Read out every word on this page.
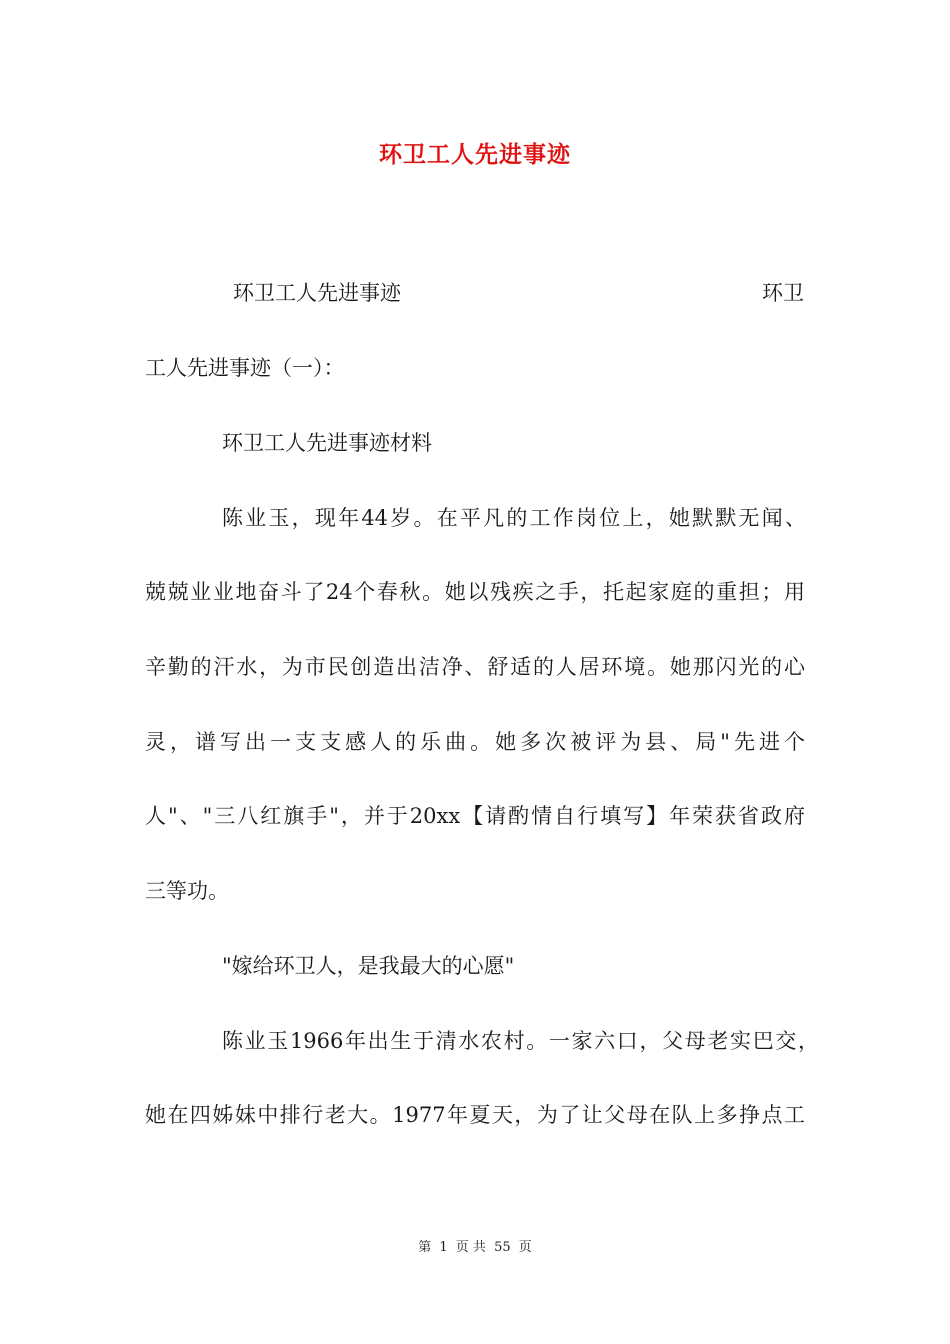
环卫工人先进事迹
环卫工人先进事迹	环卫
工人先进事迹（一）：
环卫工人先进事迹材料
陈业玉，现年44岁。在平凡的工作岗位上，她默默无闻、
兢兢业业地奋斗了24个春秋。她以残疾之手，托起家庭的重担；用
辛勤的汗水，为市民创造出洁净、舒适的人居环境。她那闪光的心
灵，谱写出一支支感人的乐曲。她多次被评为县、局"先进个
人"、"三八红旗手"，并于20xx【请酌情自行填写】年荣获省政府
三等功。
"嫁给环卫人，是我最大的心愿"
陈业玉1966年出生于清水农村。一家六口，父母老实巴交，
她在四姊妹中排行老大。1977年夏天，为了让父母在队上多挣点工
第 1 页 共 55 页
